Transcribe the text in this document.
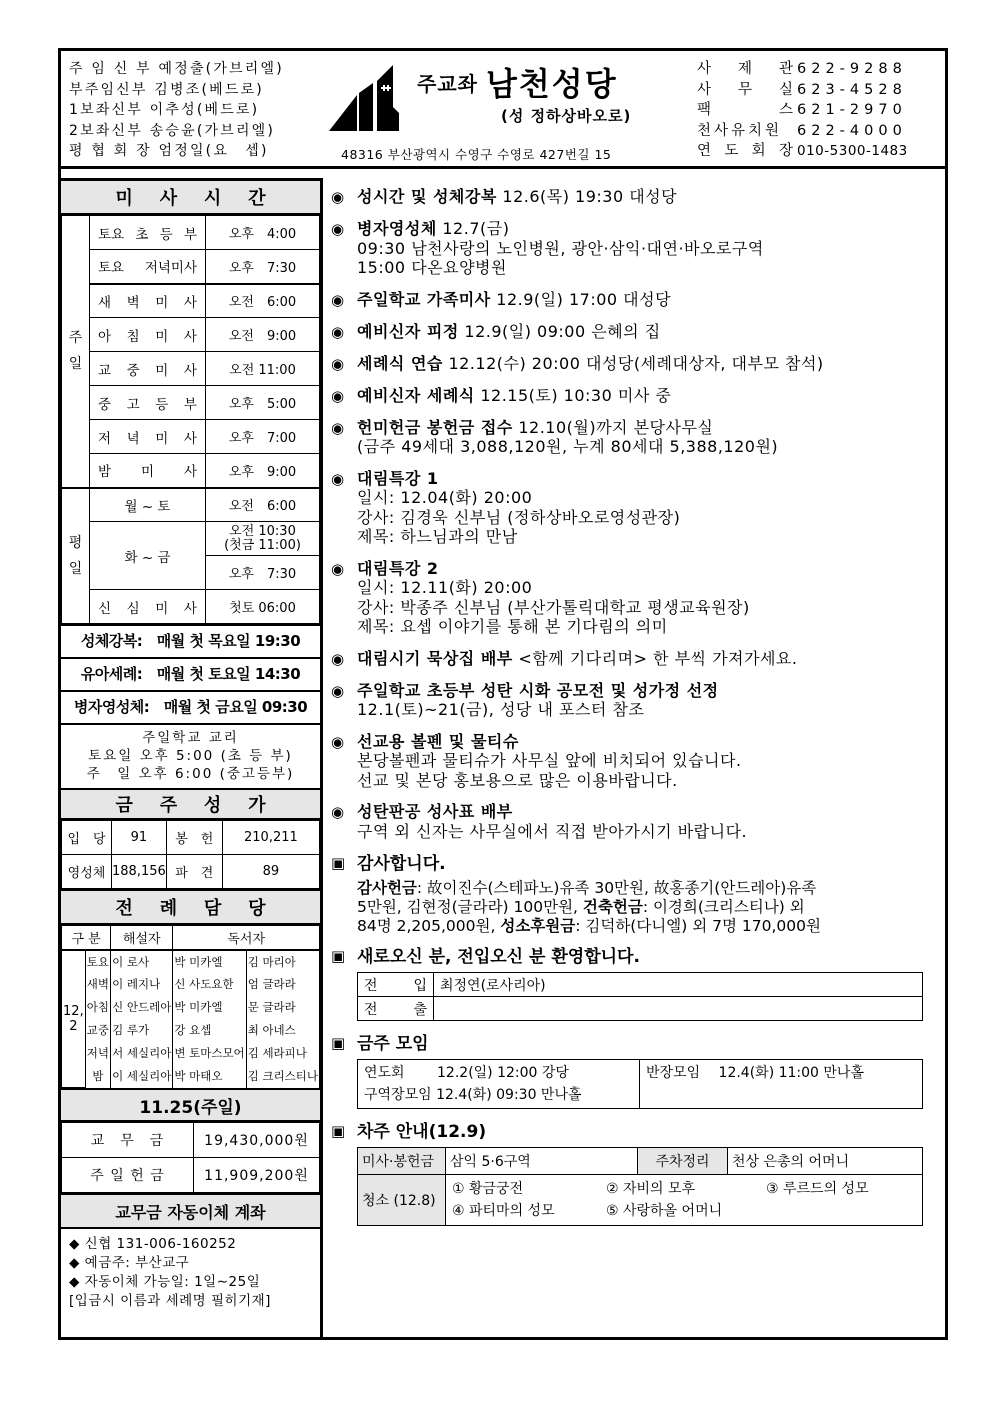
주 임 신 부 예정출(가브리엘)
부주임신부 김병조(베드로)
1보좌신부 이추성(베드로)
2보좌신부 송승윤(가브리엘)
평 협 회 장 엄정일(요　셉)
주교좌 남천성당
(성 정하상바오로)
48316 부산광역시 수영구 수영로 427번길 15
사 제 관 622-9288
사 무 실 623-4528
팩	스 621-2970
천사유치원 622-4000
연 도 회 장 010-5300-1483
미 사 시 간
주
일	토요 초 등 부	오후　4:00

	토요 저녁미사	오후　7:30

	새 벽 미 사	오전　6:00

	아 침 미 사	오전　9:00

	교 중 미 사	오전 11:00

	중 고 등 부	오후　5:00

	저 녁 미 사	오후　7:00

	밤 미 사	오후　9:00
평
일	월 ~ 토	오전　6:00
	화 ~ 금	오전 10:30
(첫금 11:00)
		오후　7:30

	신 심 미 사	첫토 06:00
성체강복:　매월 첫 목요일 19:30
유아세례:　매월 첫 토요일 14:30
병자영성체:　매월 첫 금요일 09:30
주일학교 교리
토요일 오후 5:00 (초 등 부)
주　일 오후 6:00 (중고등부)
금 주 성 가
입　당	91	봉　헌	210,211
영성체	188,156	파　견	89
전 례 담 당
구 분		해설자	독서자	
12,
2	토요	이 로사	박 미카엘	김 마리아
	새벽	이 레지나	신 사도요한	엄 글라라
	아침	신 안드레아	박 미카엘	문 글라라
	교중	김 루가	강 요셉	최 아네스
	저녁	서 세실리아	변 토마스모어	김 세라피나
	밤	이 세실리아	박 마태오	김 크리스티나
11.25(주일)
교　무　금	19,430,000원
주 일 헌 금	11,909,200원
교무금 자동이체 계좌
◆ 신협 131-006-160252
◆ 예금주: 부산교구
◆ 자동이체 가능일: 1일∼25일
[입금시 이름과 세례명 필히기재]
◉ 성시간 및 성체강복 12.6(목) 19:30 대성당
◉ 병자영성체 12.7(금)
09:30 남천사랑의 노인병원, 광안·삼익·대연·바오로구역
15:00 다온요양병원
◉ 주일학교 가족미사 12.9(일) 17:00 대성당
◉ 예비신자 피정 12.9(일) 09:00 은혜의 집
◉ 세례식 연습 12.12(수) 20:00 대성당(세례대상자, 대부모 참석)
◉ 예비신자 세례식 12.15(토) 10:30 미사 중
◉ 헌미헌금 봉헌금 접수 12.10(월)까지 본당사무실
(금주 49세대 3,088,120원, 누계 80세대 5,388,120원)
◉ 대림특강 1
일시: 12.04(화) 20:00
강사: 김경욱 신부님 (정하상바오로영성관장)
제목: 하느님과의 만남
◉ 대림특강 2
일시: 12.11(화) 20:00
강사: 박종주 신부님 (부산가톨릭대학교 평생교육원장)
제목: 요셉 이야기를 통해 본 기다림의 의미
◉ 대림시기 묵상집 배부 <함께 기다리며> 한 부씩 가져가세요.
◉ 주일학교 초등부 성탄 시화 공모전 및 성가정 선정
12.1(토)~21(금), 성당 내 포스터 참조
◉ 선교용 볼펜 및 물티슈
본당볼펜과 물티슈가 사무실 앞에 비치되어 있습니다.
선교 및 본당 홍보용으로 많은 이용바랍니다.
◉ 성탄판공 성사표 배부
구역 외 신자는 사무실에서 직접 받아가시기 바랍니다.
▣ 감사합니다.
감사헌금: 故이진수(스테파노)유족 30만원, 故홍종기(안드레아)유족
5만원, 김현정(글라라) 100만원, 건축헌금: 이경희(크리스티나) 외
84명 2,205,000원, 성소후원금: 김덕하(다니엘) 외 7명 170,000원
▣ 새로오신 분, 전입오신 분 환영합니다.
전 입	최정연(로사리아)

전 출	

▣ 금주 모임
연도회　　 12.2(일) 12:00 강당
구역장모임 12.4(화) 09:30 만나홀

반장모임　 12.4(화) 11:00 만나홀
▣ 차주 안내(12.9)
미사·봉헌금	삼익 5·6구역	주차정리	천상 은총의 어머니
청소 (12.8)	① 황금궁전 ② 자비의 모후 ③ 루르드의 성모
④ 파티마의 성모 ⑤ 사랑하올 어머니		
